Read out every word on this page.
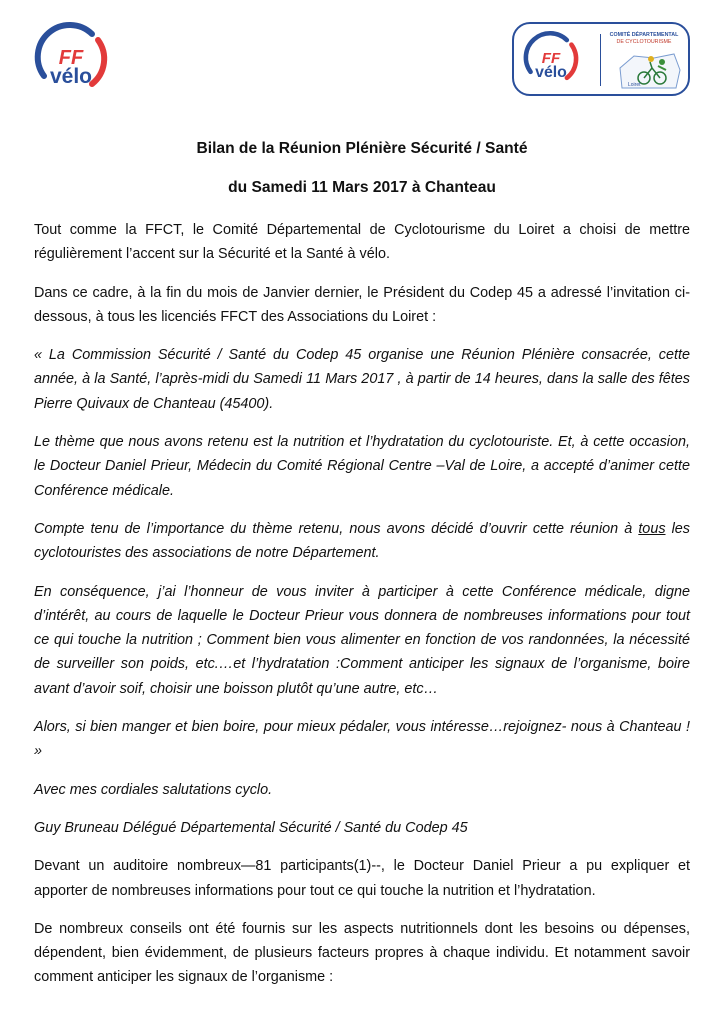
FF
vélo
FF
vélo
COMITÉ DÉPARTEMENTAL
DE CYCLOTOURISME
Loiret
Bilan de la Réunion Plénière Sécurité / Santé
du Samedi 11 Mars 2017 à Chanteau

Tout comme la FFCT, le Comité Départemental de Cyclotourisme du Loiret a choisi de mettre régulièrement l’accent sur la Sécurité et la Santé à vélo.

Dans ce cadre, à la fin du mois de Janvier dernier, le Président du Codep 45 a adressé l’invitation ci- dessous, à tous les licenciés FFCT des Associations du Loiret :

« La Commission Sécurité / Santé du Codep 45 organise une Réunion Plénière consacrée, cette année, à la Santé, l’après-midi du Samedi 11 Mars 2017 , à partir de 14 heures, dans la salle des fêtes Pierre Quivaux de Chanteau (45400).

Le thème que nous avons retenu est la nutrition et l’hydratation du cyclotouriste. Et, à cette occasion, le Docteur Daniel Prieur, Médecin du Comité Régional Centre –Val de Loire, a accepté d’animer cette Conférence médicale.

Compte tenu de l’importance du thème retenu, nous avons décidé d’ouvrir cette réunion à tous les cyclotouristes des associations de notre Département.

En conséquence, j’ai l’honneur de vous inviter à participer à cette Conférence médicale, digne d’intérêt, au cours de laquelle le Docteur Prieur vous donnera de nombreuses informations pour tout ce qui touche la nutrition ; Comment bien vous alimenter en fonction de vos randonnées, la nécessité de surveiller son poids, etc.…et l’hydratation :Comment anticiper les signaux de l’organisme, boire avant d’avoir soif, choisir une boisson plutôt qu’une autre, etc…

Alors, si bien manger et bien boire, pour mieux pédaler, vous intéresse…rejoignez- nous à Chanteau ! »

Avec mes cordiales salutations cyclo.

Guy Bruneau Délégué Départemental Sécurité / Santé du Codep 45

Devant un auditoire nombreux—81 participants(1)--, le Docteur Daniel Prieur a pu expliquer et apporter de nombreuses informations pour tout ce qui touche la nutrition et l’hydratation.

De nombreux conseils ont été fournis sur les aspects nutritionnels dont les besoins ou dépenses, dépendent, bien évidemment, de plusieurs facteurs propres à chaque individu. Et notamment savoir comment anticiper les signaux de l’organisme :
